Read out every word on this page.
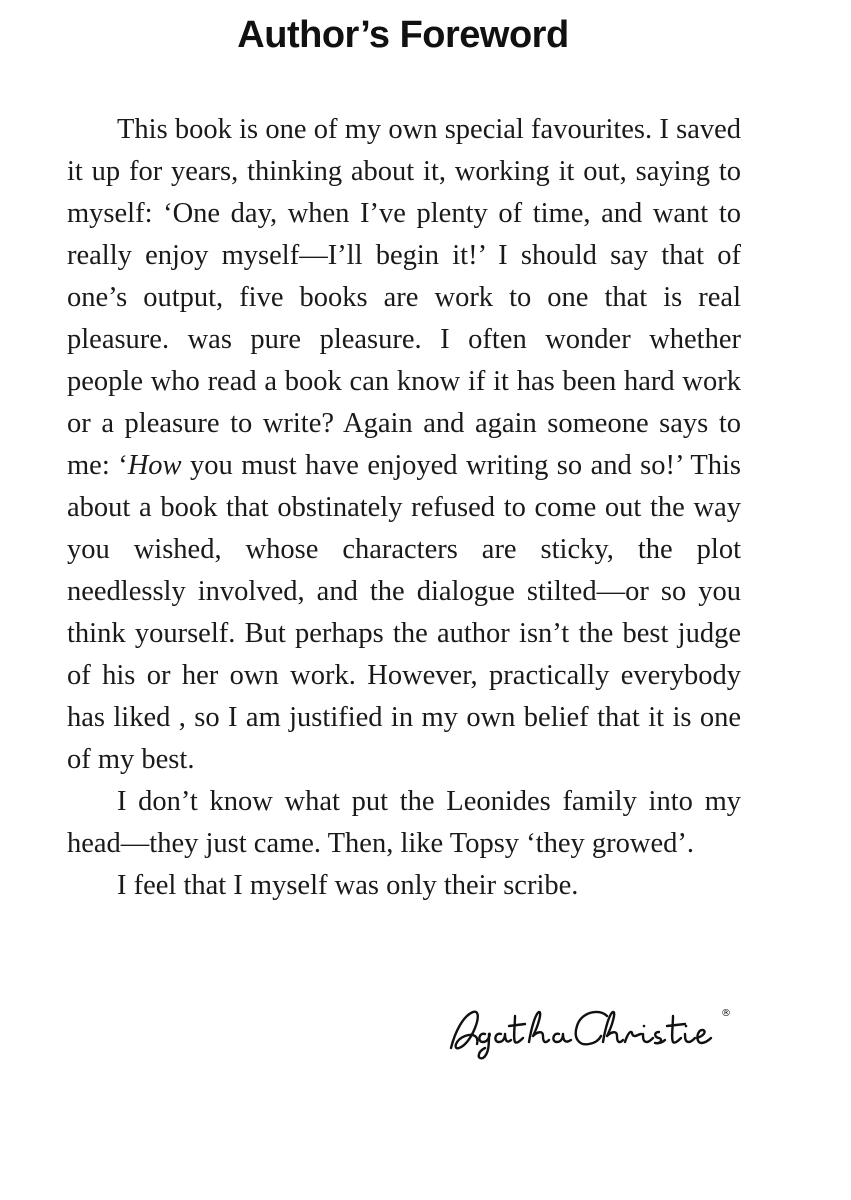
Author’s Foreword

This book is one of my own special favourites. I saved it up for years, thinking about it, working it out, saying to myself: ‘One day, when I’ve plenty of time, and want to really enjoy myself—I’ll begin it!’ I should say that of one’s output, five books are work to one that is real pleasure. was pure pleasure. I often wonder whether people who read a book can know if it has been hard work or a pleasure to write? Again and again someone says to me: ‘How you must have enjoyed writing so and so!’ This about a book that obstinately refused to come out the way you wished, whose characters are sticky, the plot needlessly involved, and the dialogue stilted—or so you think yourself. But perhaps the author isn’t the best judge of his or her own work. However, practically everybody has liked , so I am justified in my own belief that it is one of my best.

I don’t know what put the Leonides family into my head—they just came. Then, like Topsy ‘they growed’.

I feel that I myself was only their scribe.

®
